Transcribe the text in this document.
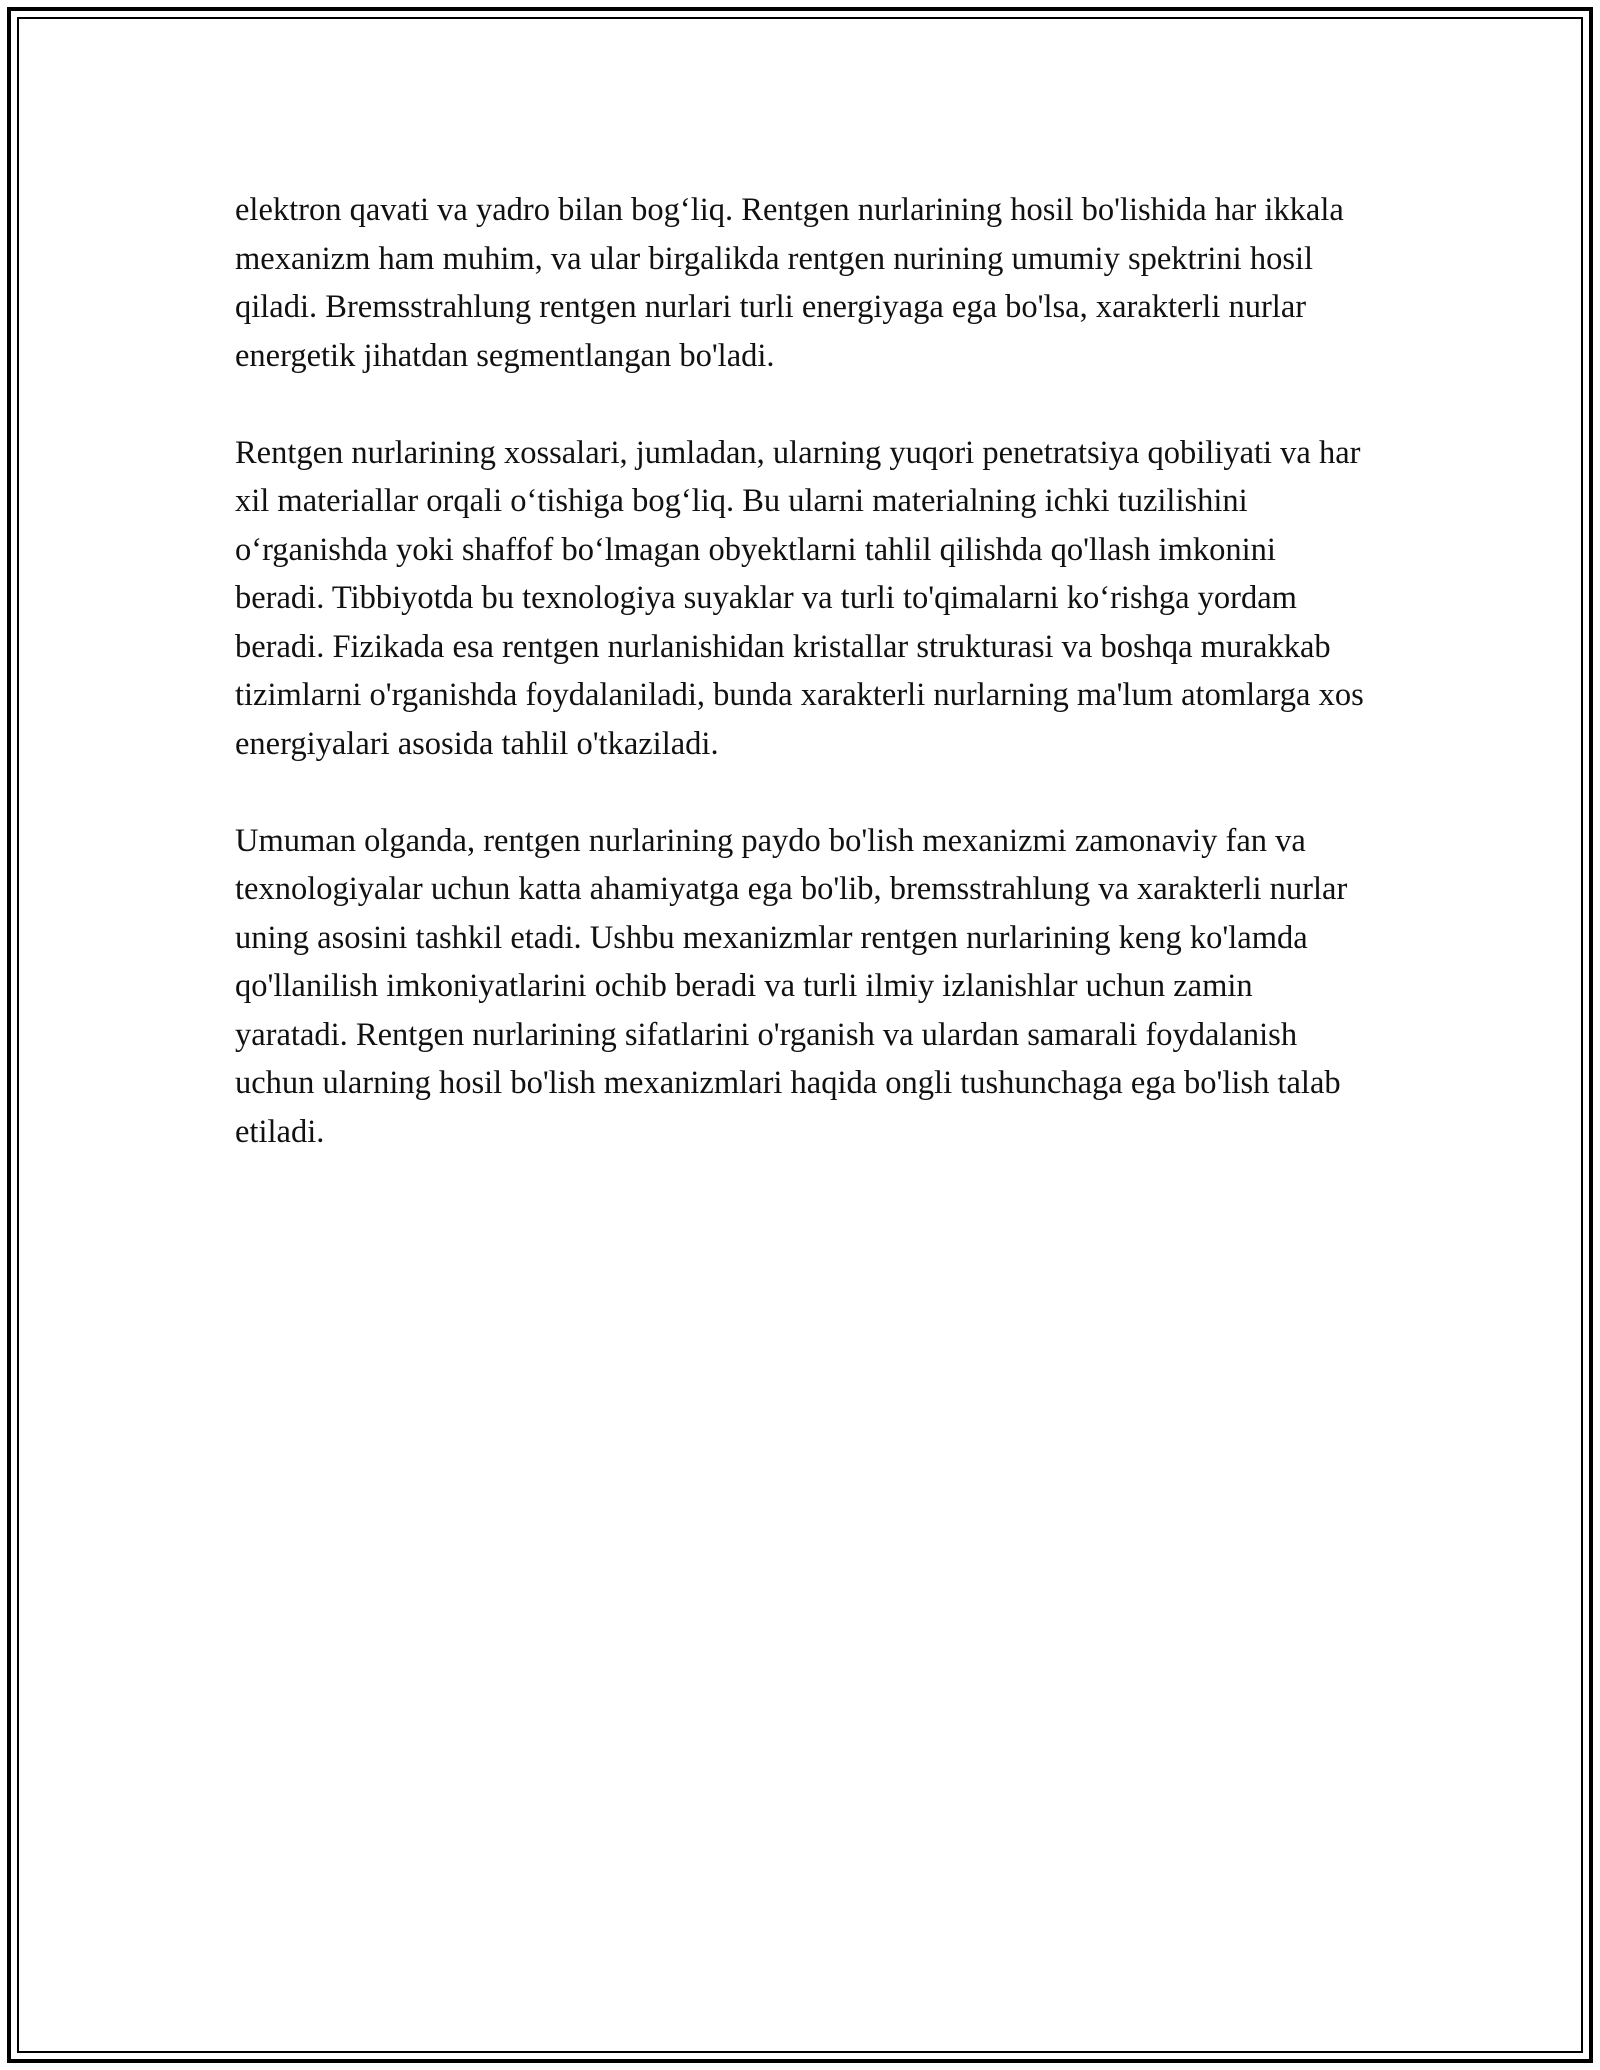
elektron qavati va yadro bilan bog‘liq. Rentgen nurlarining hosil bo'lishida har ikkala mexanizm ham muhim, va ular birgalikda rentgen nurining umumiy spektrini hosil qiladi. Bremsstrahlung rentgen nurlari turli energiyaga ega bo'lsa, xarakterli nurlar energetik jihatdan segmentlangan bo'ladi.

Rentgen nurlarining xossalari, jumladan, ularning yuqori penetratsiya qobiliyati va har xil materiallar orqali o‘tishiga bog‘liq. Bu ularni materialning ichki tuzilishini o‘rganishda yoki shaffof bo‘lmagan obyektlarni tahlil qilishda qo'llash imkonini beradi. Tibbiyotda bu texnologiya suyaklar va turli to'qimalarni ko‘rishga yordam beradi. Fizikada esa rentgen nurlanishidan kristallar strukturasi va boshqa murakkab tizimlarni o'rganishda foydalaniladi, bunda xarakterli nurlarning ma'lum atomlarga xos energiyalari asosida tahlil o'tkaziladi.

Umuman olganda, rentgen nurlarining paydo bo'lish mexanizmi zamonaviy fan va texnologiyalar uchun katta ahamiyatga ega bo'lib, bremsstrahlung va xarakterli nurlar uning asosini tashkil etadi. Ushbu mexanizmlar rentgen nurlarining keng ko'lamda qo'llanilish imkoniyatlarini ochib beradi va turli ilmiy izlanishlar uchun zamin yaratadi. Rentgen nurlarining sifatlarini o'rganish va ulardan samarali foydalanish uchun ularning hosil bo'lish mexanizmlari haqida ongli tushunchaga ega bo'lish talab etiladi.
